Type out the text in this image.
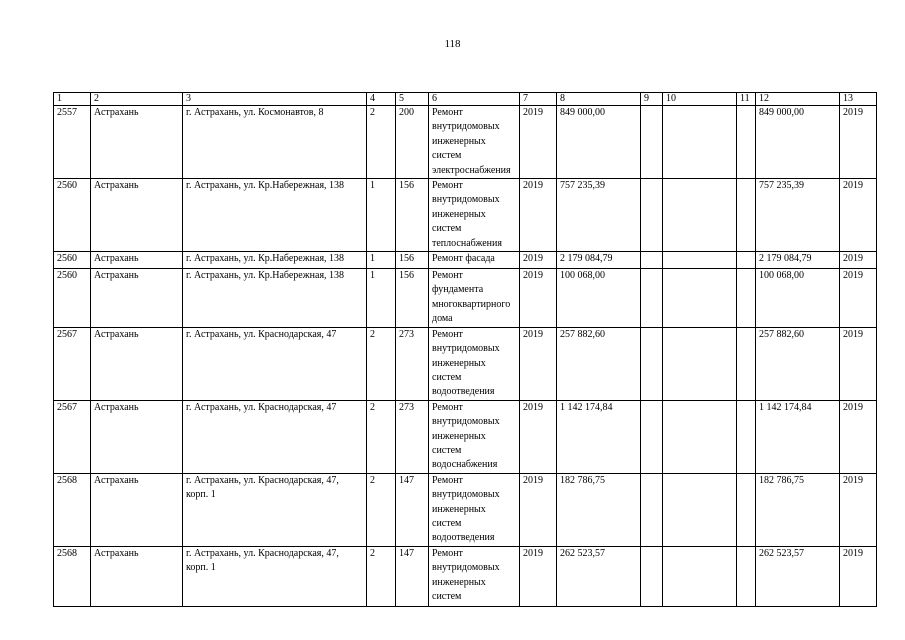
118
1	2	3	4	5	6	7	8	9	10	11	12	13
2557	Астрахань	г. Астрахань, ул. Космонавтов, 8	2	200	Ремонт внутридомовых инженерных систем электроснабжения	2019	849 000,00				849 000,00	2019
2560	Астрахань	г. Астрахань, ул. Кр.Набережная, 138	1	156	Ремонт внутридомовых инженерных систем теплоснабжения	2019	757 235,39				757 235,39	2019
2560	Астрахань	г. Астрахань, ул. Кр.Набережная, 138	1	156	Ремонт фасада	2019	2 179 084,79				2 179 084,79	2019
2560	Астрахань	г. Астрахань, ул. Кр.Набережная, 138	1	156	Ремонт фундамента многоквартирного дома	2019	100 068,00				100 068,00	2019
2567	Астрахань	г. Астрахань, ул. Краснодарская, 47	2	273	Ремонт внутридомовых инженерных систем водоотведения	2019	257 882,60				257 882,60	2019
2567	Астрахань	г. Астрахань, ул. Краснодарская, 47	2	273	Ремонт внутридомовых инженерных систем водоснабжения	2019	1 142 174,84				1 142 174,84	2019
2568	Астрахань	г. Астрахань, ул. Краснодарская, 47, корп. 1	2	147	Ремонт внутридомовых инженерных систем водоотведения	2019	182 786,75				182 786,75	2019
2568	Астрахань	г. Астрахань, ул. Краснодарская, 47, корп. 1	2	147	Ремонт внутридомовых инженерных систем	2019	262 523,57				262 523,57	2019
